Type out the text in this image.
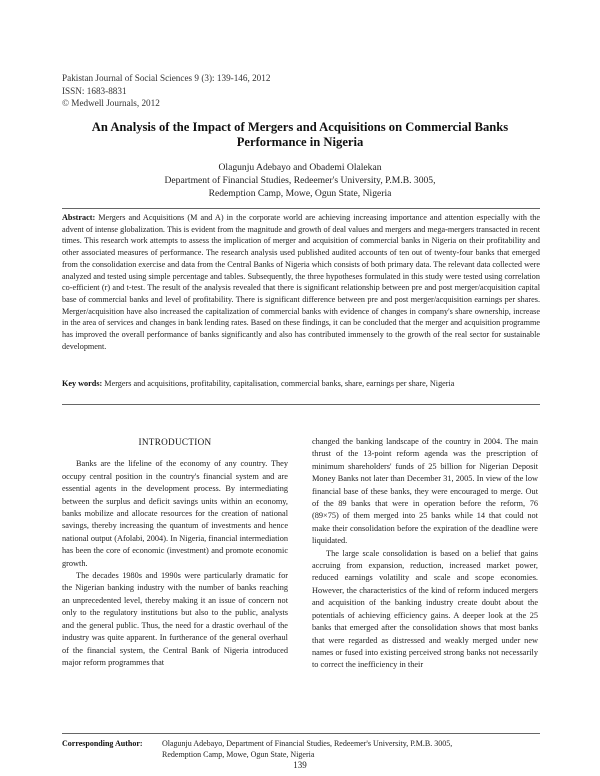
Pakistan Journal of Social Sciences 9 (3): 139-146, 2012
ISSN: 1683-8831
© Medwell Journals, 2012
An Analysis of the Impact of Mergers and Acquisitions on Commercial Banks Performance in Nigeria
Olagunju Adebayo and Obademi Olalekan
Department of Financial Studies, Redeemer's University, P.M.B. 3005,
Redemption Camp, Mowe, Ogun State, Nigeria
Abstract: Mergers and Acquisitions (M and A) in the corporate world are achieving increasing importance and attention especially with the advent of intense globalization. This is evident from the magnitude and growth of deal values and mergers and mega-mergers transacted in recent times. This research work attempts to assess the implication of merger and acquisition of commercial banks in Nigeria on their profitability and other associated measures of performance. The research analysis used published audited accounts of ten out of twenty-four banks that emerged from the consolidation exercise and data from the Central Banks of Nigeria which consists of both primary data. The relevant data collected were analyzed and tested using simple percentage and tables. Subsequently, the three hypotheses formulated in this study were tested using correlation co-efficient (r) and t-test. The result of the analysis revealed that there is significant relationship between pre and post merger/acquisition capital base of commercial banks and level of profitability. There is significant difference between pre and post merger/acquisition earnings per shares. Merger/acquisition have also increased the capitalization of commercial banks with evidence of changes in company's share ownership, increase in the area of services and changes in bank lending rates. Based on these findings, it can be concluded that the merger and acquisition programme has improved the overall performance of banks significantly and also has contributed immensely to the growth of the real sector for sustainable development.
Key words: Mergers and acquisitions, profitability, capitalisation, commercial banks, share, earnings per share, Nigeria
INTRODUCTION

Banks are the lifeline of the economy of any country. They occupy central position in the country's financial system and are essential agents in the development process. By intermediating between the surplus and deficit savings units within an economy, banks mobilize and allocate resources for the creation of national savings, thereby increasing the quantum of investments and hence national output (Afolabi, 2004). In Nigeria, financial intermediation has been the core of economic (investment) and promote economic growth.

The decades 1980s and 1990s were particularly dramatic for the Nigerian banking industry with the number of banks reaching an unprecedented level, thereby making it an issue of concern not only to the regulatory institutions but also to the public, analysts and the general public. Thus, the need for a drastic overhaul of the industry was quite apparent. In furtherance of the general overhaul of the financial system, the Central Bank of Nigeria introduced major reform programmes that

changed the banking landscape of the country in 2004. The main thrust of the 13-point reform agenda was the prescription of minimum shareholders' funds of 25 billion for Nigerian Deposit Money Banks not later than December 31, 2005. In view of the low financial base of these banks, they were encouraged to merge. Out of the 89 banks that were in operation before the reform, 76 (89×75) of them merged into 25 banks while 14 that could not make their consolidation before the expiration of the deadline were liquidated.

The large scale consolidation is based on a belief that gains accruing from expansion, reduction, increased market power, reduced earnings volatility and scale and scope economies. However, the characteristics of the kind of reform induced mergers and acquisition of the banking industry create doubt about the potentials of achieving efficiency gains. A deeper look at the 25 banks that emerged after the consolidation shows that most banks that were regarded as distressed and weakly merged under new names or fused into existing perceived strong banks not necessarily to correct the inefficiency in their

Corresponding Author: Olagunju Adebayo, Department of Financial Studies, Redeemer's University, P.M.B. 3005,
Redemption Camp, Mowe, Ogun State, Nigeria
139
